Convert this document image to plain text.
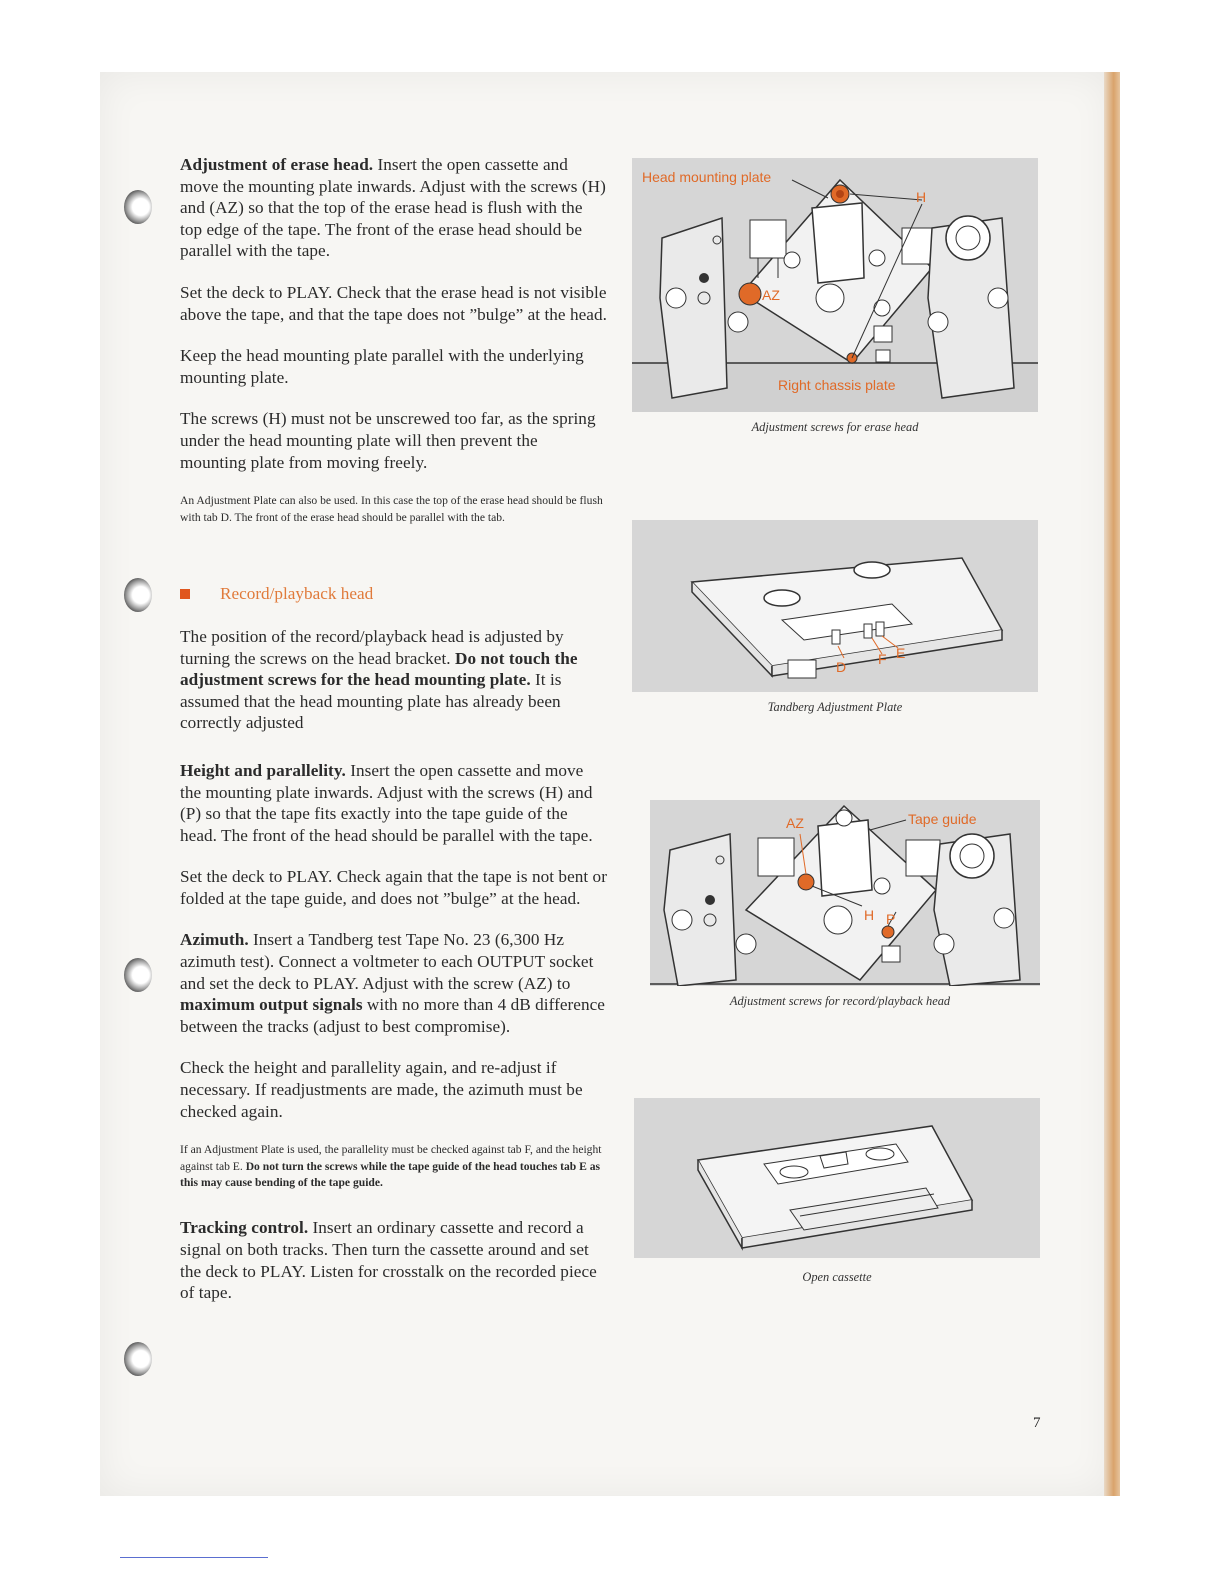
Adjustment of erase head. Insert the open cassette and move the mounting plate inwards. Adjust with the screws (H) and (AZ) so that the top of the erase head is flush with the top edge of the tape. The front of the erase head should be parallel with the tape.

Set the deck to PLAY. Check that the erase head is not visible above the tape, and that the tape does not ”bulge” at the head.

Keep the head mounting plate parallel with the underlying mounting plate.

The screws (H) must not be unscrewed too far, as the spring under the head mounting plate will then prevent the mounting plate from moving freely.

An Adjustment Plate can also be used. In this case the top of the erase head should be flush with tab D. The front of the erase head should be parallel with the tab.

Record/playback head

The position of the record/playback head is adjusted by turning the screws on the head bracket. Do not touch the adjustment screws for the head mounting plate. It is assumed that the head mounting plate has already been correctly adjusted

Height and parallelity. Insert the open cassette and move the mounting plate inwards. Adjust with the screws (H) and (P) so that the tape fits exactly into the tape guide of the head. The front of the head should be parallel with the tape.

Set the deck to PLAY. Check again that the tape is not bent or folded at the tape guide, and does not ”bulge” at the head.

Azimuth. Insert a Tandberg test Tape No. 23 (6,300 Hz azimuth test). Connect a voltmeter to each OUTPUT socket and set the deck to PLAY. Adjust with the screw (AZ) to maximum output signals with no more than 4 dB difference between the tracks (adjust to best compromise).

Check the height and parallelity again, and re-adjust if necessary. If readjustments are made, the azimuth must be checked again.

If an Adjustment Plate is used, the parallelity must be checked against tab F, and the height against tab E. Do not turn the screws while the tape guide of the head touches tab E as this may cause bending of the tape guide.

Tracking control. Insert an ordinary cassette and record a signal on both tracks. Then turn the cassette around and set the deck to PLAY. Listen for crosstalk on the recorded piece of tape.

Head mounting plate
H
AZ
Right chassis plate
Adjustment screws for erase head
D F E
Tandberg Adjustment Plate
AZ	Tape guide
H P
Adjustment screws for record/playback head
Open cassette
7
